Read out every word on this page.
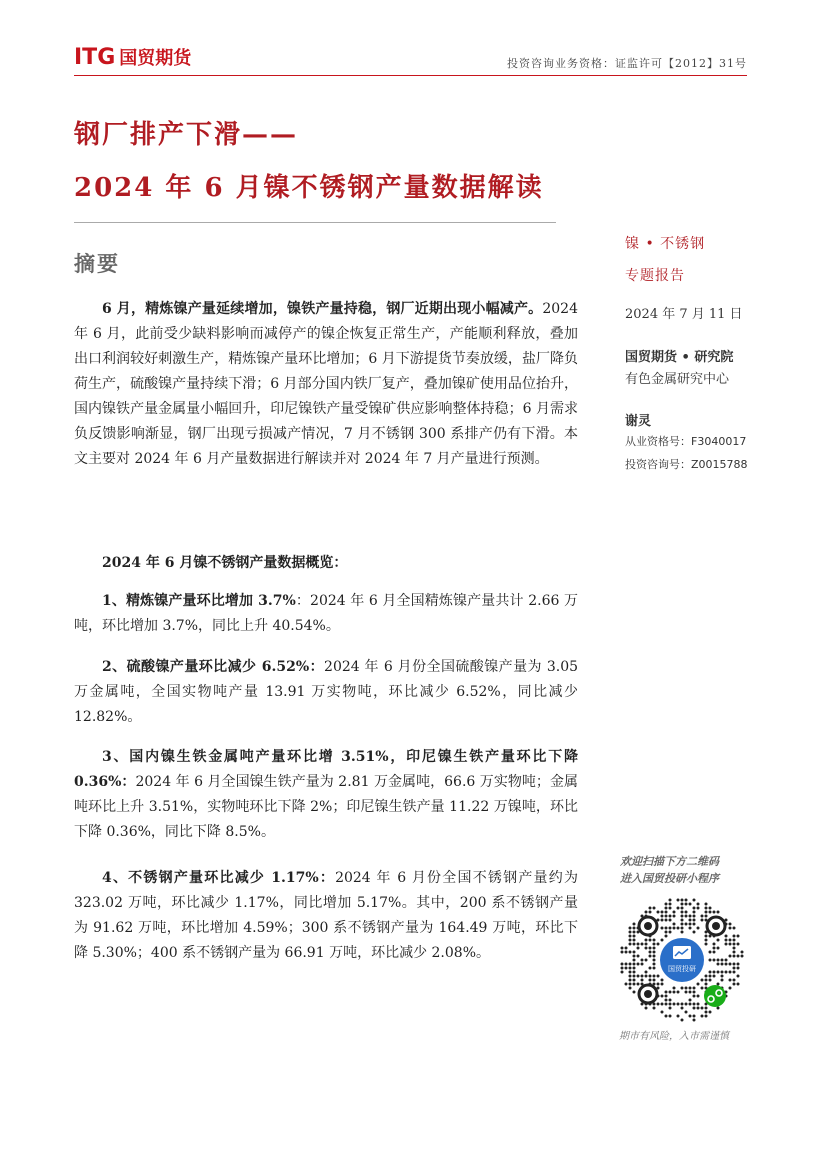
ITG 国贸期货	投资咨询业务资格：证监许可【2012】31号
钢厂排产下滑——
2024 年 6 月镍不锈钢产量数据解读
摘要
6 月，精炼镍产量延续增加，镍铁产量持稳，钢厂近期出现小幅减产。2024 年 6 月，此前受少缺料影响而减停产的镍企恢复正常生产，产能顺利释放，叠加出口利润较好刺激生产，精炼镍产量环比增加；6 月下游提货节奏放缓，盐厂降负荷生产，硫酸镍产量持续下滑；6 月部分国内铁厂复产，叠加镍矿使用品位抬升，国内镍铁产量金属量小幅回升，印尼镍铁产量受镍矿供应影响整体持稳；6 月需求负反馈影响渐显，钢厂出现亏损减产情况，7 月不锈钢 300 系排产仍有下滑。本文主要对 2024 年 6 月产量数据进行解读并对 2024 年 7 月产量进行预测。
2024 年 6 月镍不锈钢产量数据概览：
1、精炼镍产量环比增加 3.7%：2024 年 6 月全国精炼镍产量共计 2.66 万吨，环比增加 3.7%，同比上升 40.54%。
2、硫酸镍产量环比减少 6.52%：2024 年 6 月份全国硫酸镍产量为 3.05 万金属吨，全国实物吨产量 13.91 万实物吨，环比减少 6.52%，同比减少 12.82%。
3、国内镍生铁金属吨产量环比增 3.51%，印尼镍生铁产量环比下降 0.36%：2024 年 6 月全国镍生铁产量为 2.81 万金属吨，66.6 万实物吨；金属吨环比上升 3.51%，实物吨环比下降 2%；印尼镍生铁产量 11.22 万镍吨，环比下降 0.36%，同比下降 8.5%。
4、不锈钢产量环比减少 1.17%：2024 年 6 月份全国不锈钢产量约为 323.02 万吨，环比减少 1.17%，同比增加 5.17%。其中，200 系不锈钢产量为 91.62 万吨，环比增加 4.59%；300 系不锈钢产量为 164.49 万吨，环比下降 5.30%；400 系不锈钢产量为 66.91 万吨，环比减少 2.08%。
镍 • 不锈钢
专题报告
2024 年 7 月 11 日
国贸期货 • 研究院
有色金属研究中心
谢灵
从业资格号：F3040017
投资咨询号：Z0015788
欢迎扫描下方二维码
进入国贸投研小程序
国贸投研
期市有风险，入市需谨慎
